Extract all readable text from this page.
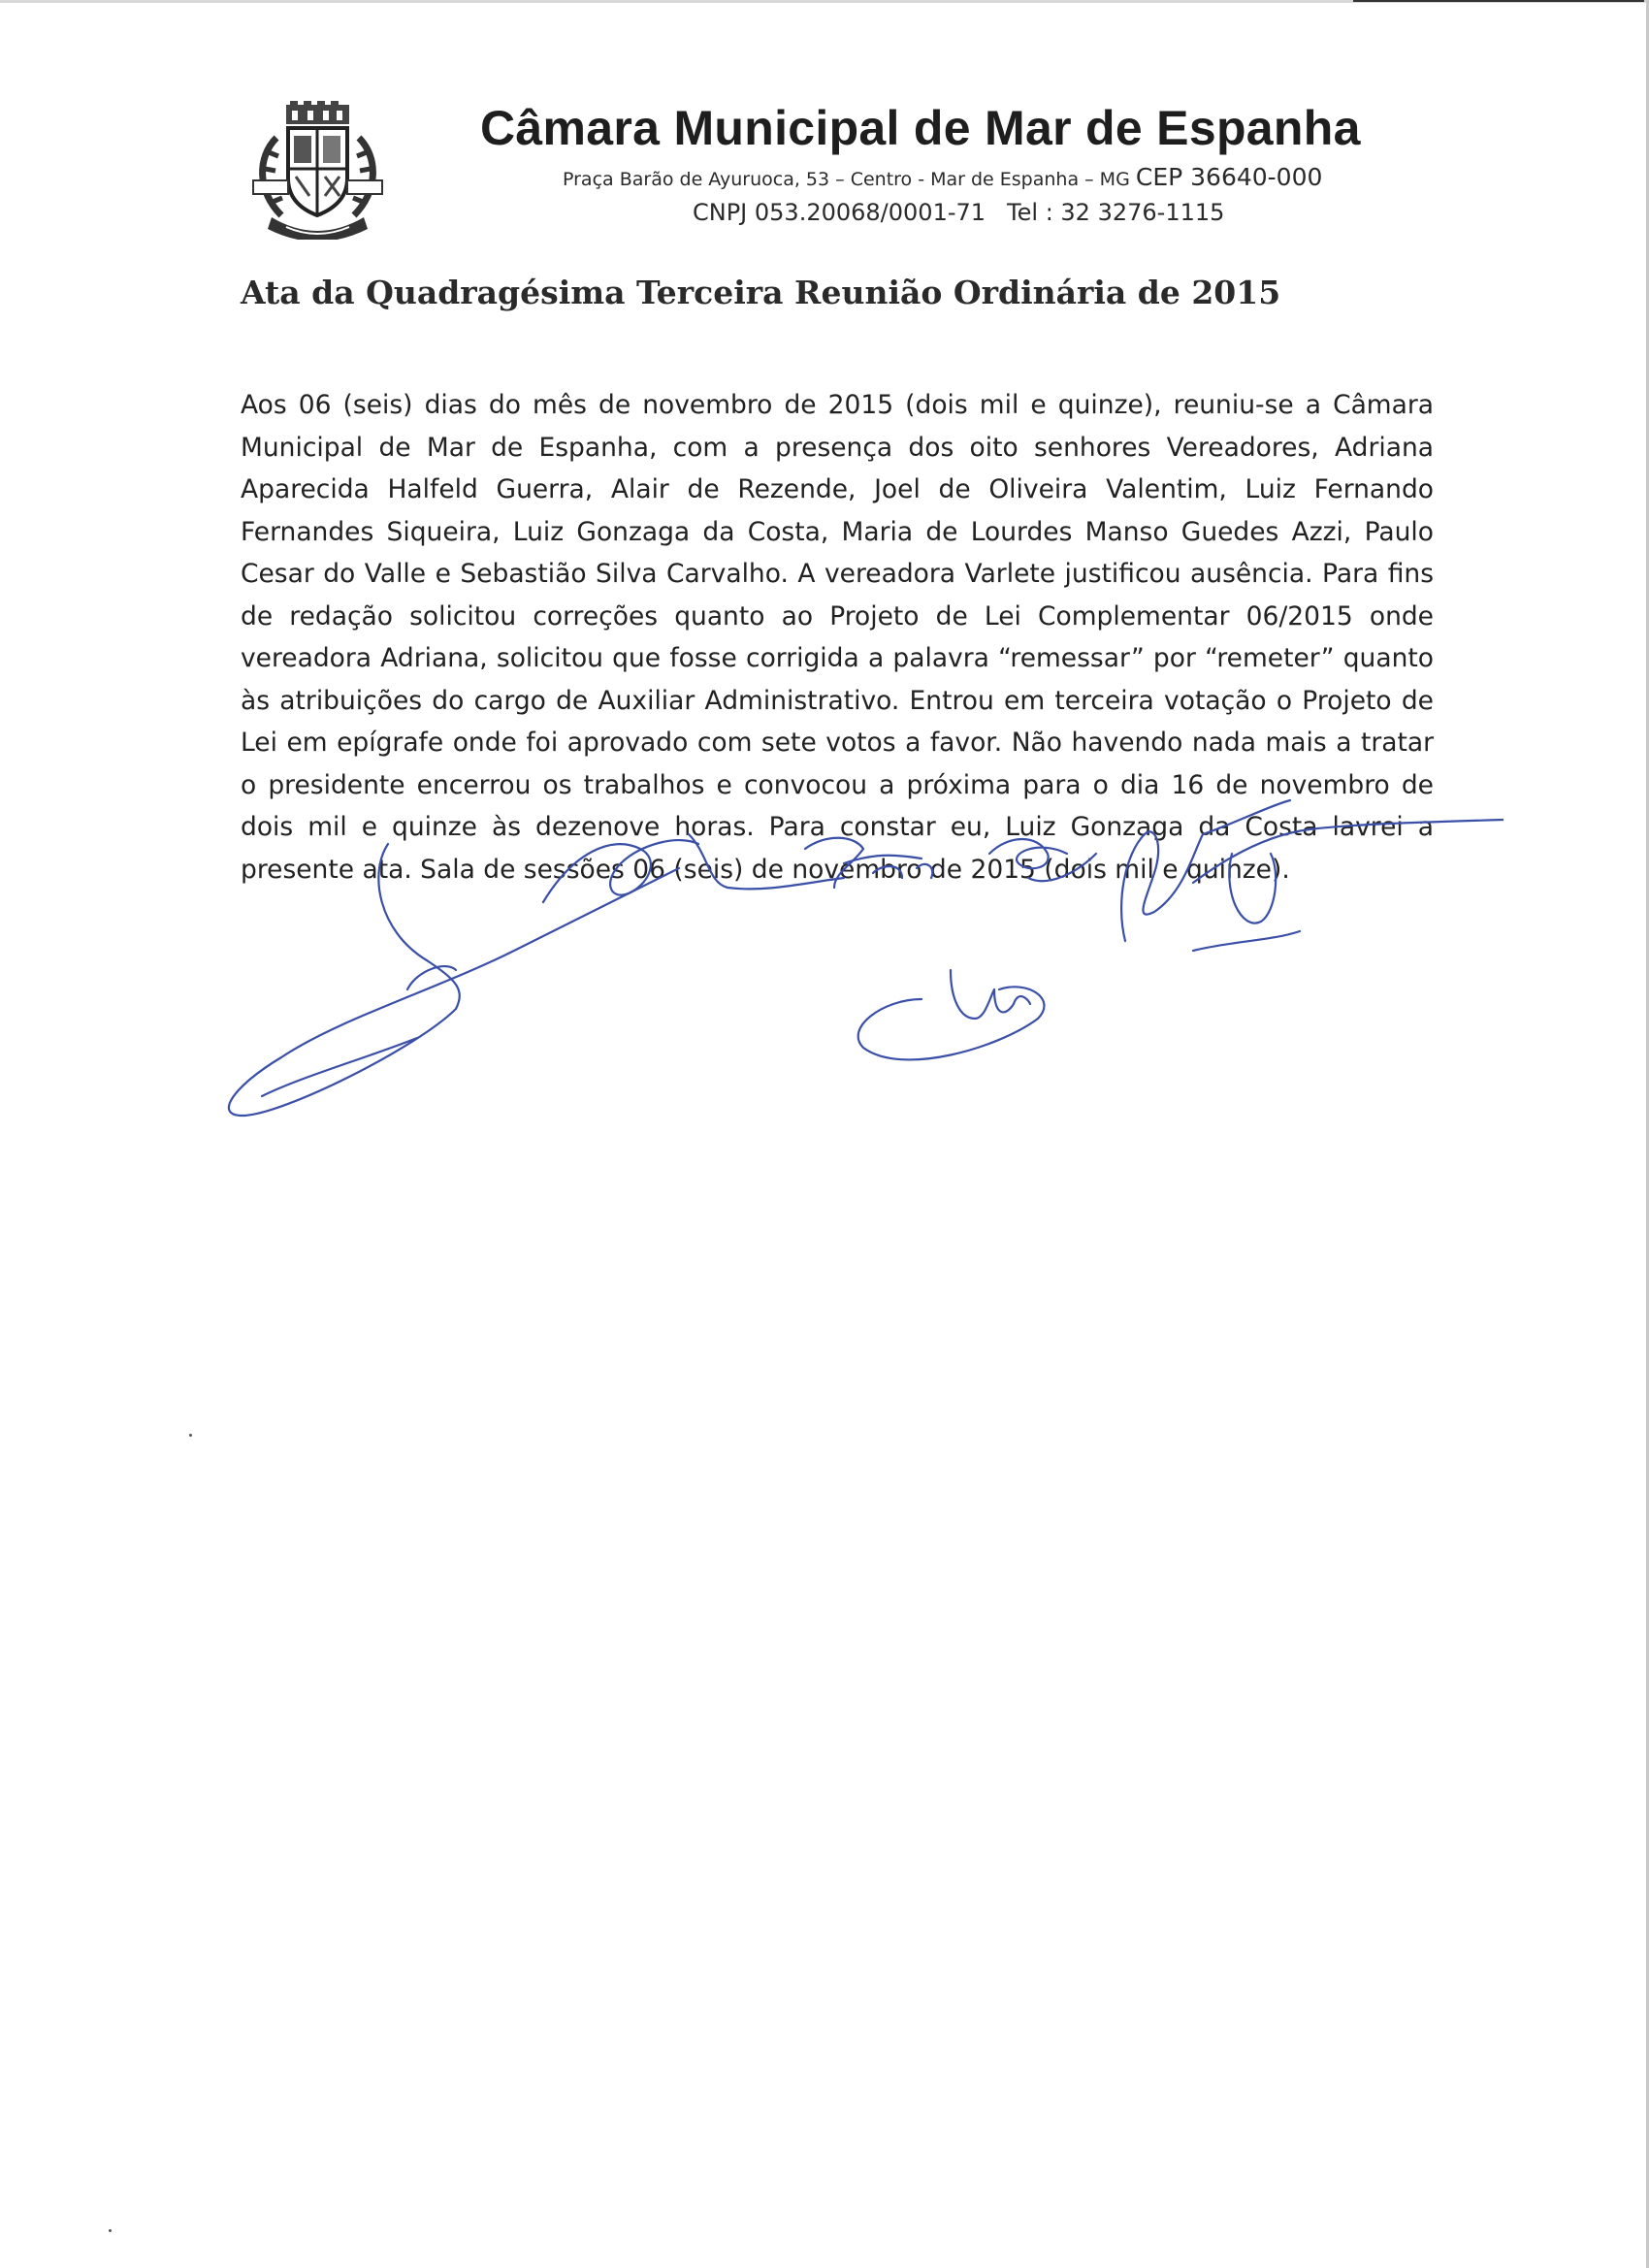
Câmara Municipal de Mar de Espanha
Praça Barão de Ayuruoca, 53 – Centro - Mar de Espanha – MG CEP 36640-000
CNPJ 053.20068/0001-71 Tel : 32 3276-1115
Ata da Quadragésima Terceira Reunião Ordinária de 2015
Aos 06 (seis) dias do mês de novembro de 2015 (dois mil e quinze), reuniu-se a Câmara Municipal de Mar de Espanha, com a presença dos oito senhores Vereadores, Adriana Aparecida Halfeld Guerra, Alair de Rezende, Joel de Oliveira Valentim, Luiz Fernando Fernandes Siqueira, Luiz Gonzaga da Costa, Maria de Lourdes Manso Guedes Azzi, Paulo Cesar do Valle e Sebastião Silva Carvalho. A vereadora Varlete justificou ausência. Para fins de redação solicitou correções quanto ao Projeto de Lei Complementar 06/2015 onde vereadora Adriana, solicitou que fosse corrigida a palavra “remessar” por “remeter” quanto às atribuições do cargo de Auxiliar Administrativo. Entrou em terceira votação o Projeto de Lei em epígrafe onde foi aprovado com sete votos a favor. Não havendo nada mais a tratar o presidente encerrou os trabalhos e convocou a próxima para o dia 16 de novembro de dois mil e quinze às dezenove horas. Para constar eu, Luiz Gonzaga da Costa lavrei a presente ata. Sala de sessões 06 (seis) de novembro de 2015 (dois mil e quinze).
